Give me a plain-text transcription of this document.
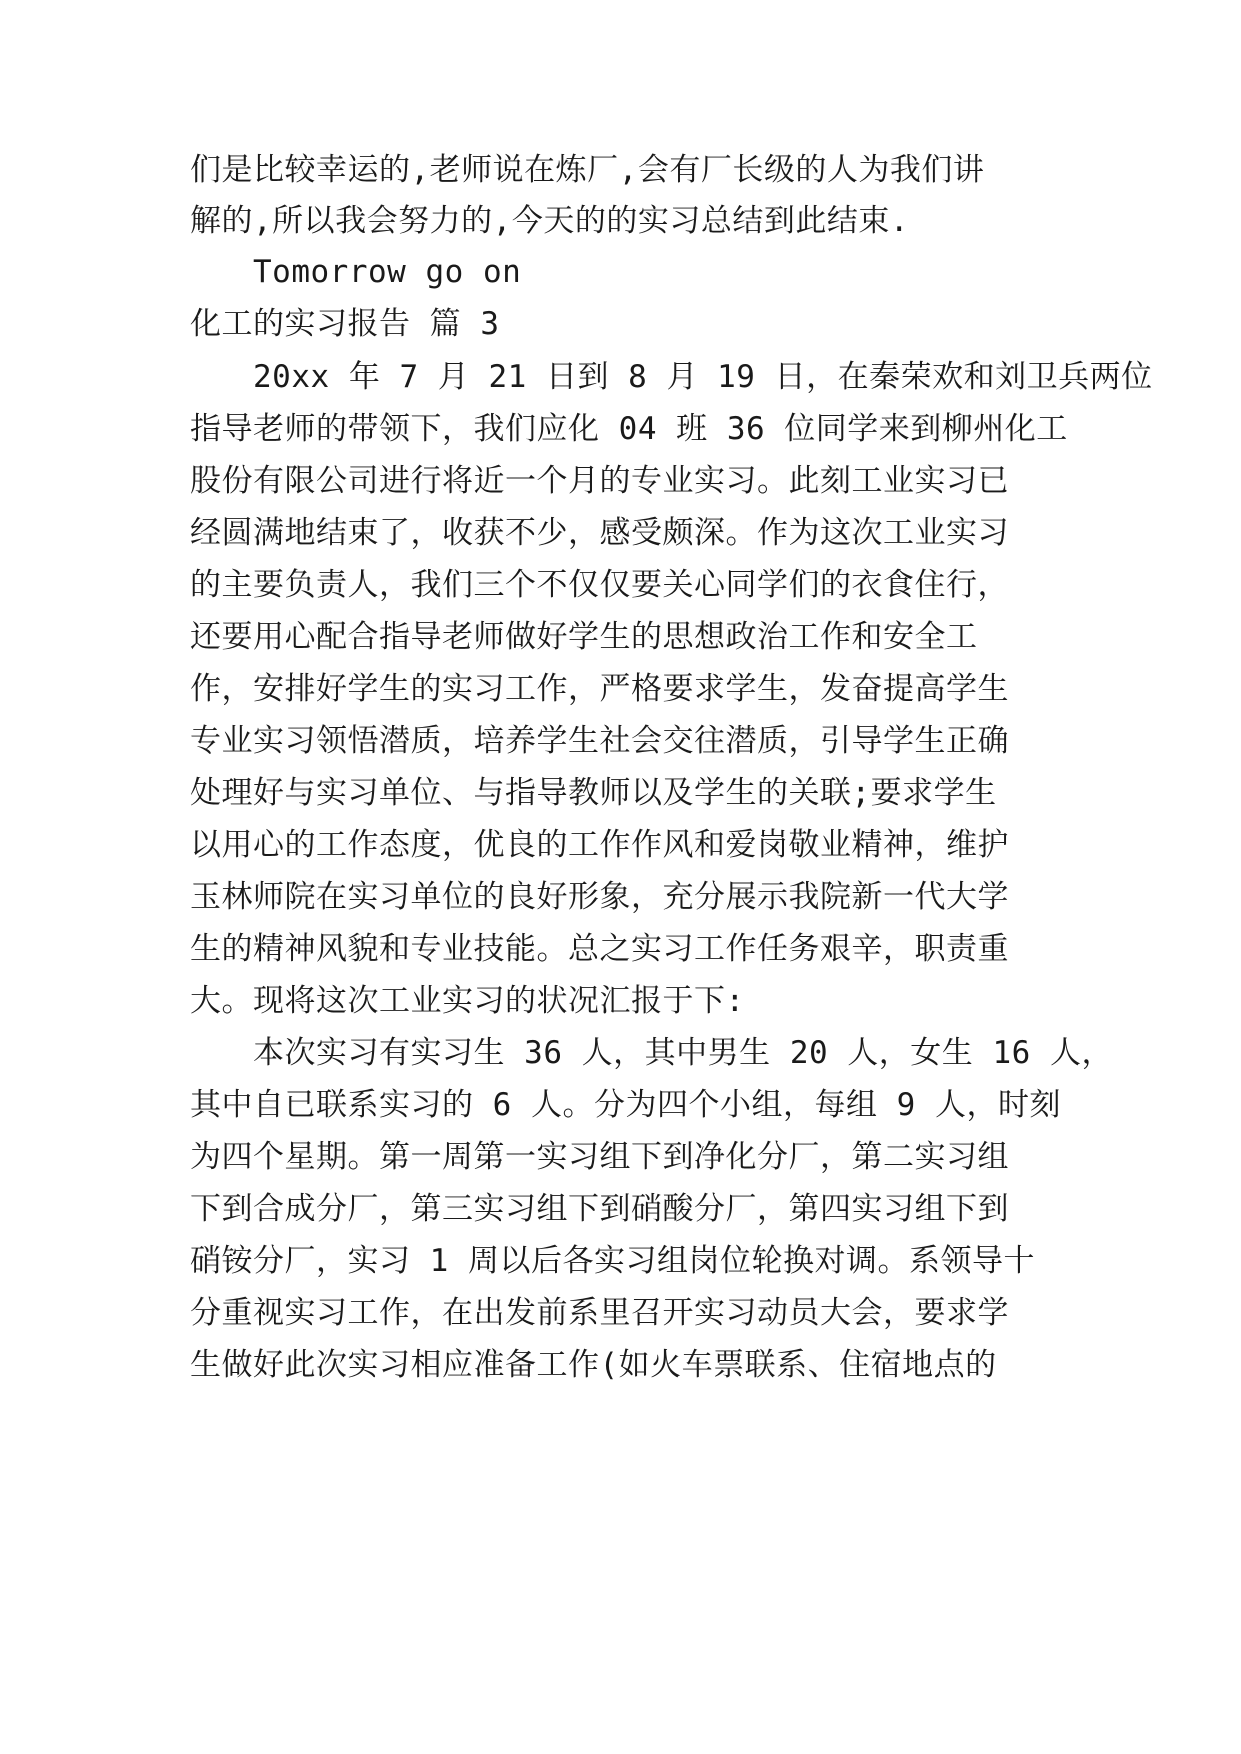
们是比较幸运的,老师说在炼厂,会有厂长级的人为我们讲
解的,所以我会努力的,今天的的实习总结到此结束.
Tomorrow go on
化工的实习报告 篇 3
20xx 年 7 月 21 日到 8 月 19 日，在秦荣欢和刘卫兵两位
指导老师的带领下，我们应化 04 班 36 位同学来到柳州化工
股份有限公司进行将近一个月的专业实习。此刻工业实习已
经圆满地结束了，收获不少，感受颇深。作为这次工业实习
的主要负责人，我们三个不仅仅要关心同学们的衣食住行，
还要用心配合指导老师做好学生的思想政治工作和安全工
作，安排好学生的实习工作，严格要求学生，发奋提高学生
专业实习领悟潜质，培养学生社会交往潜质，引导学生正确
处理好与实习单位、与指导教师以及学生的关联;要求学生
以用心的工作态度，优良的工作作风和爱岗敬业精神，维护
玉林师院在实习单位的良好形象，充分展示我院新一代大学
生的精神风貌和专业技能。总之实习工作任务艰辛，职责重
大。现将这次工业实习的状况汇报于下:
本次实习有实习生 36 人，其中男生 20 人，女生 16 人，
其中自已联系实习的 6 人。分为四个小组，每组 9 人，时刻
为四个星期。第一周第一实习组下到净化分厂，第二实习组
下到合成分厂，第三实习组下到硝酸分厂，第四实习组下到
硝铵分厂，实习 1 周以后各实习组岗位轮换对调。系领导十
分重视实习工作，在出发前系里召开实习动员大会，要求学
生做好此次实习相应准备工作(如火车票联系、住宿地点的
